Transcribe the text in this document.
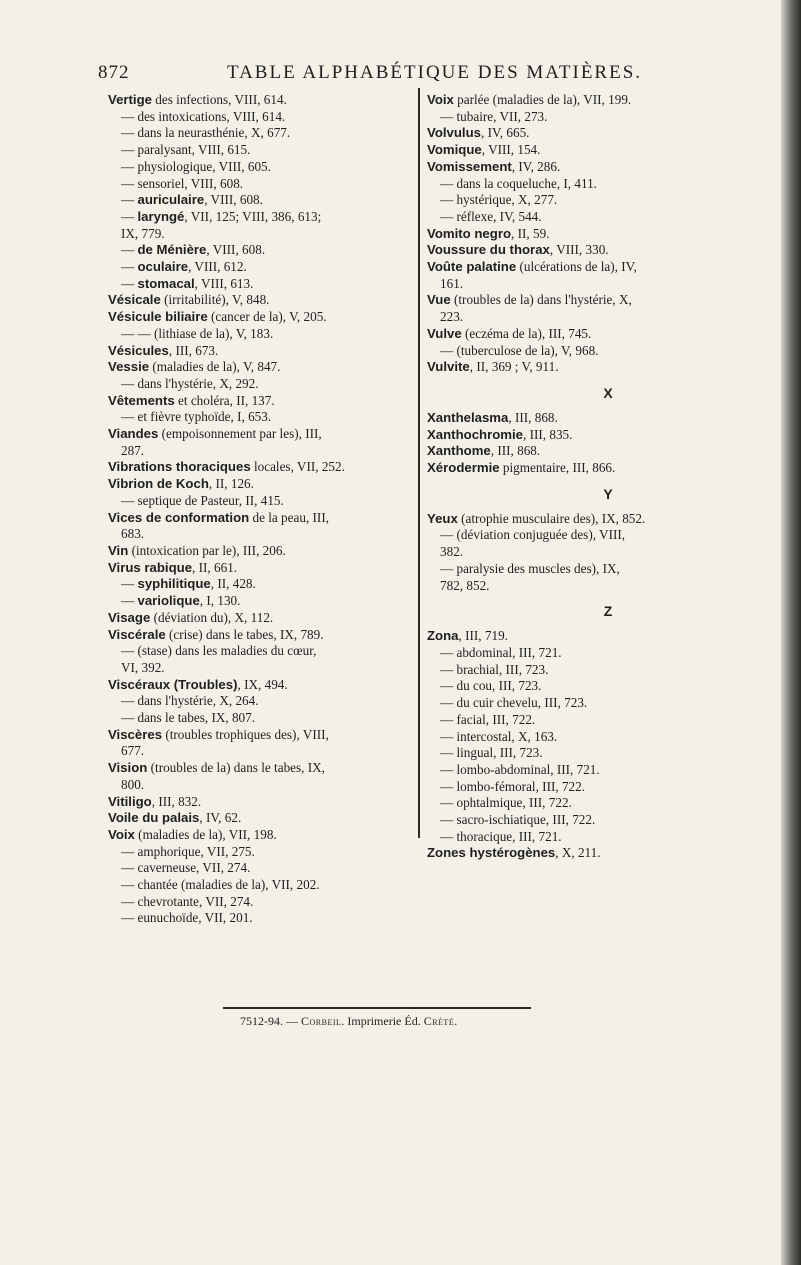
872	TABLE ALPHABÉTIQUE DES MATIÈRES.
Vertige des infections, VIII, 614.
— des intoxications, VIII, 614.
— dans la neurasthénie, X, 677.
— paralysant, VIII, 615.
— physiologique, VIII, 605.
— sensoriel, VIII, 608.
— auriculaire, VIII, 608.
— laryngé, VII, 125; VIII, 386, 613;
IX, 779.
— de Ménière, VIII, 608.
— oculaire, VIII, 612.
— stomacal, VIII, 613.
Vésicale (irritabilité), V, 848.
Vésicule biliaire (cancer de la), V, 205.
— — (lithiase de la), V, 183.
Vésicules, III, 673.
Vessie (maladies de la), V, 847.
— dans l'hystérie, X, 292.
Vêtements et choléra, II, 137.
— et fièvre typhoïde, I, 653.
Viandes (empoisonnement par les), III,
287.
Vibrations thoraciques locales, VII, 252.
Vibrion de Koch, II, 126.
— septique de Pasteur, II, 415.
Vices de conformation de la peau, III,
683.
Vin (intoxication par le), III, 206.
Virus rabique, II, 661.
— syphilitique, II, 428.
— variolique, I, 130.
Visage (déviation du), X, 112.
Viscérale (crise) dans le tabes, IX, 789.
— (stase) dans les maladies du cœur,
VI, 392.
Viscéraux (Troubles), IX, 494.
— dans l'hystérie, X, 264.
— dans le tabes, IX, 807.
Viscères (troubles trophiques des), VIII,
677.
Vision (troubles de la) dans le tabes, IX,
800.
Vitiligo, III, 832.
Voile du palais, IV, 62.
Voix (maladies de la), VII, 198.
— amphorique, VII, 275.
— caverneuse, VII, 274.
— chantée (maladies de la), VII, 202.
— chevrotante, VII, 274.
— eunuchoïde, VII, 201.
Voix parlée (maladies de la), VII, 199.
— tubaire, VII, 273.
Volvulus, IV, 665.
Vomique, VIII, 154.
Vomissement, IV, 286.
— dans la coqueluche, I, 411.
— hystérique, X, 277.
— réflexe, IV, 544.
Vomito negro, II, 59.
Voussure du thorax, VIII, 330.
Voûte palatine (ulcérations de la), IV,
161.
Vue (troubles de la) dans l'hystérie, X,
223.
Vulve (eczéma de la), III, 745.
— (tuberculose de la), V, 968.
Vulvite, II, 369 ; V, 911.
X
Xanthelasma, III, 868.
Xanthochromie, III, 835.
Xanthome, III, 868.
Xérodermie pigmentaire, III, 866.
Y
Yeux (atrophie musculaire des), IX, 852.
— (déviation conjuguée des), VIII,
382.
— paralysie des muscles des), IX,
782, 852.
Z
Zona, III, 719.
— abdominal, III, 721.
— brachial, III, 723.
— du cou, III, 723.
— du cuir chevelu, III, 723.
— facial, III, 722.
— intercostal, X, 163.
— lingual, III, 723.
— lombo-abdominal, III, 721.
— lombo-fémoral, III, 722.
— ophtalmique, III, 722.
— sacro-ischiatique, III, 722.
— thoracique, III, 721.
Zones hystérogènes, X, 211.
7512-94. — Corbeil. Imprimerie Éd. Crété.
